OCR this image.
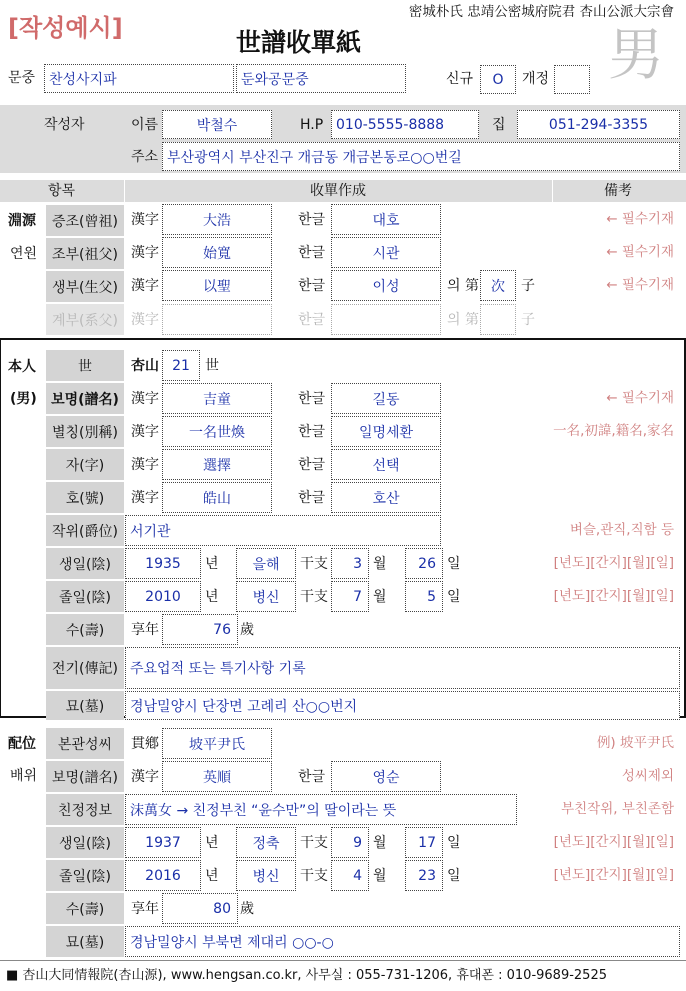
[작성예시]
密城朴氏 忠靖公密城府院君 杏山公派大宗會
世譜收單紙	男
문중 찬성사지파	둔와공문중	신규	O	개정
작성자	이름	박철수	H.P 010-5555-8888	집	051-294-3355
주소 부산광역시 부산진구 개금동 개금본동로○○번길
항목	收單作成	備考
淵源
연원
증조(曾祖) 漢字	大浩	한글	대호	← 필수기재
조부(祖父) 漢字	始寬	한글	시관	← 필수기재
생부(生父) 漢字	以聖	한글	이성	의 第 次	子	← 필수기재
계부(系父) 漢字	한글	의 第	子
本人
(男)
世	杏山 21	世
보명(譜名) 漢字	吉童	한글	길동	← 필수기재
별칭(別稱) 漢字	一名世煥	한글	일명세환	一名,初諱,籍名,家名
자(字)	漢字	選擇	한글	선택
호(號)	漢字	皓山	한글	호산
작위(爵位) 서기관	벼슬,관직,직함 등
생일(陰)	1935	년	을해	干支	3 월	26 일	[년도][간지][월][일]
졸일(陰)	2010	년	병신	干支	7 월	5 일	[년도][간지][월][일]
수(壽)	享年	76 歲
전기(傳記) 주요업적 또는 특기사항 기록
묘(墓)	경남밀양시 단장면 고례리 산○○번지
配位
배위
본관성씨	貫鄕	坡平尹氏	例) 坡平尹氏
보명(譜名) 漢字	英順	한글	영순	성씨제외
친정정보	沫萬女 → 친정부친 “윤수만”의 딸이라는 뜻	부친작위, 부친존함
생일(陰)	1937	년	정축	干支	9 월	17 일	[년도][간지][월][일]
졸일(陰)	2016	년	병신	干支	4 월	23 일	[년도][간지][월][일]
수(壽)	享年	80 歲
묘(墓)	경남밀양시 부북면 제대리 ○○-○
■ 杏山大同情報院(杏山源), www.hengsan.co.kr, 사무실 : 055-731-1206, 휴대폰 : 010-9689-2525
